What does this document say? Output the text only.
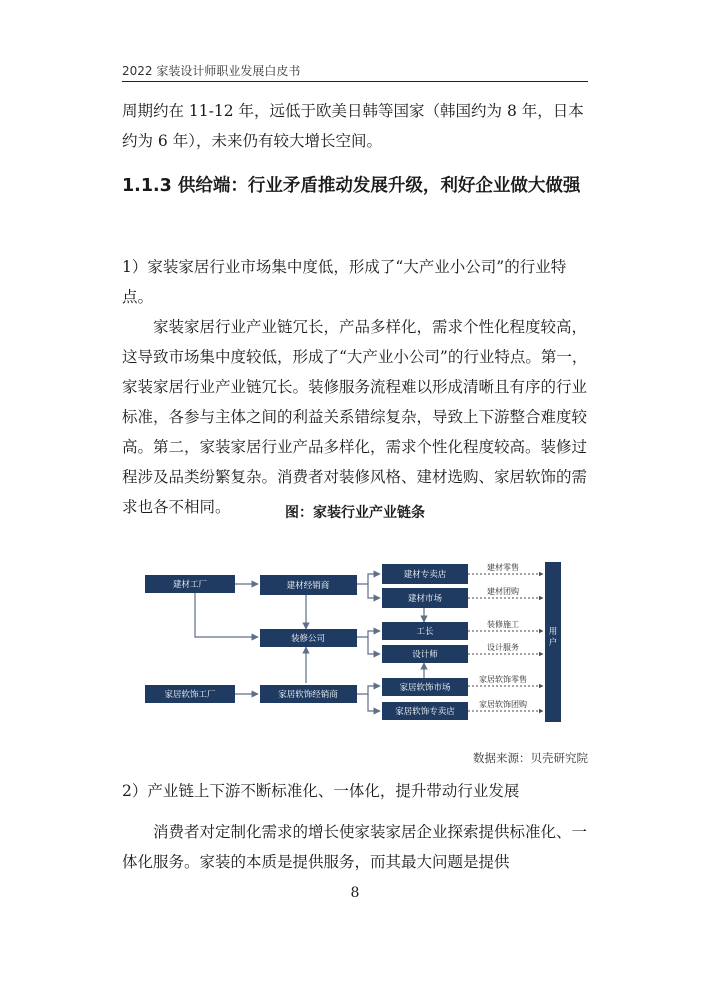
2022 家装设计师职业发展白皮书

周期约在 11-12 年，远低于欧美日韩等国家（韩国约为 8 年，日本约为 6 年），未来仍有较大增长空间。

1.1.3 供给端：行业矛盾推动发展升级，利好企业做大做强

1）家装家居行业市场集中度低，形成了“大产业小公司”的行业特点。

家装家居行业产业链冗长，产品多样化，需求个性化程度较高，这导致市场集中度较低，形成了“大产业小公司”的行业特点。第一，家装家居行业产业链冗长。装修服务流程难以形成清晰且有序的行业标准，各参与主体之间的利益关系错综复杂，导致上下游整合难度较高。第二，家装家居行业产品多样化，需求个性化程度较高。装修过程涉及品类纷繁复杂。消费者对装修风格、建材选购、家居软饰的需求也各不相同。	图：家装行业产业链条
建材工厂	建材经销商
建材专卖店
建材市场
装修公司
工长
设计师
家居软饰工厂	家居软饰经销商
家居软饰市场
家居软饰专卖店
用户
建材零售
建材团购
装修施工
设计服务
家居软饰零售
家居软饰团购
数据来源：贝壳研究院

2）产业链上下游不断标准化、一体化，提升带动行业发展

消费者对定制化需求的增长使家装家居企业探索提供标准化、一体化服务。家装的本质是提供服务，而其最大问题是提供

8
